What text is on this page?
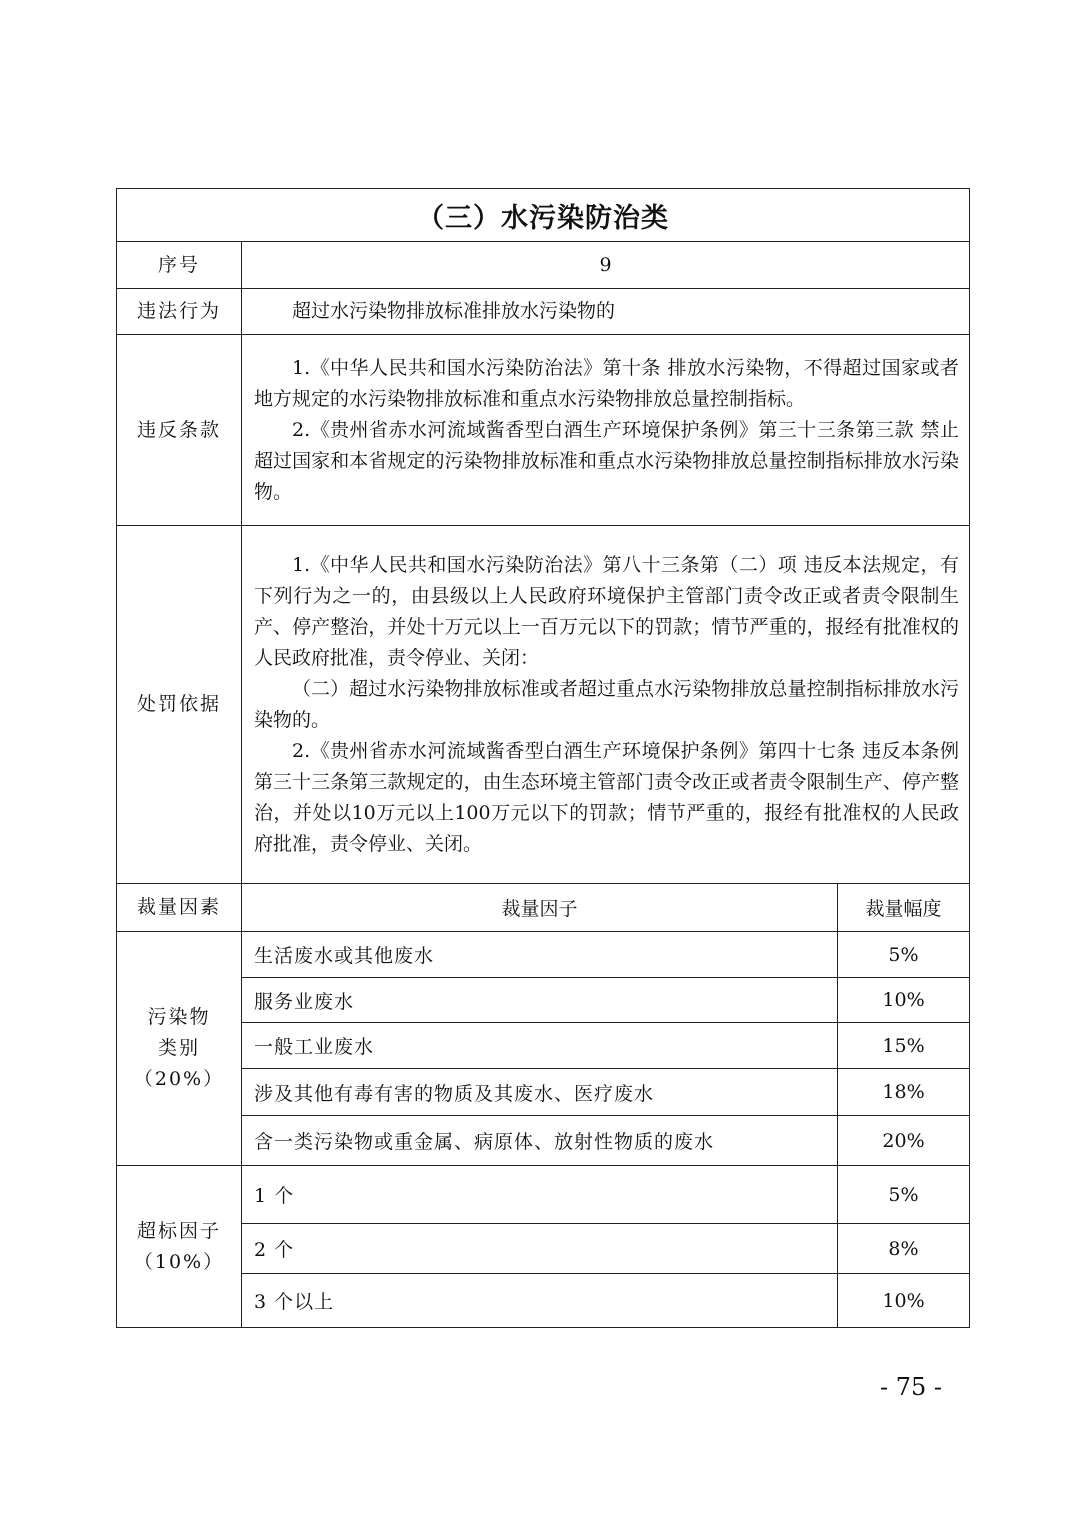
（三）水污染防治类		
序号	9	
违法行为	超过水污染物排放标准排放水污染物的	

违反条款	1.《中华人民共和国水污染防治法》第十条 排放水污染物，不得超过国家或者地方规定的水污染物排放标准和重点水污染物排放总量控制指标。

2.《贵州省赤水河流域酱香型白酒生产环境保护条例》第三十三条第三款 禁止超过国家和本省规定的污染物排放标准和重点水污染物排放总量控制指标排放水污染物。	

处罚依据	1.《中华人民共和国水污染防治法》第八十三条第（二）项 违反本法规定，有下列行为之一的，由县级以上人民政府环境保护主管部门责令改正或者责令限制生产、停产整治，并处十万元以上一百万元以下的罚款；情节严重的，报经有批准权的人民政府批准，责令停业、关闭：

（二）超过水污染物排放标准或者超过重点水污染物排放总量控制指标排放水污染物的。

2.《贵州省赤水河流域酱香型白酒生产环境保护条例》第四十七条 违反本条例第三十三条第三款规定的，由生态环境主管部门责令改正或者责令限制生产、停产整治，并处以10万元以上100万元以下的罚款；情节严重的，报经有批准权的人民政府批准，责令停业、关闭。	

裁量因素	裁量因子	裁量幅度

污染物
类别
（20%）	生活废水或其他废水	5%
	服务业废水	10%
	一般工业废水	15%
	涉及其他有毒有害的物质及其废水、医疗废水	18%
	含一类污染物或重金属、病原体、放射性物质的废水	20%

超标因子
（10%）	1 个	5%
	2 个	8%
	3 个以上	10%
- 75 -
